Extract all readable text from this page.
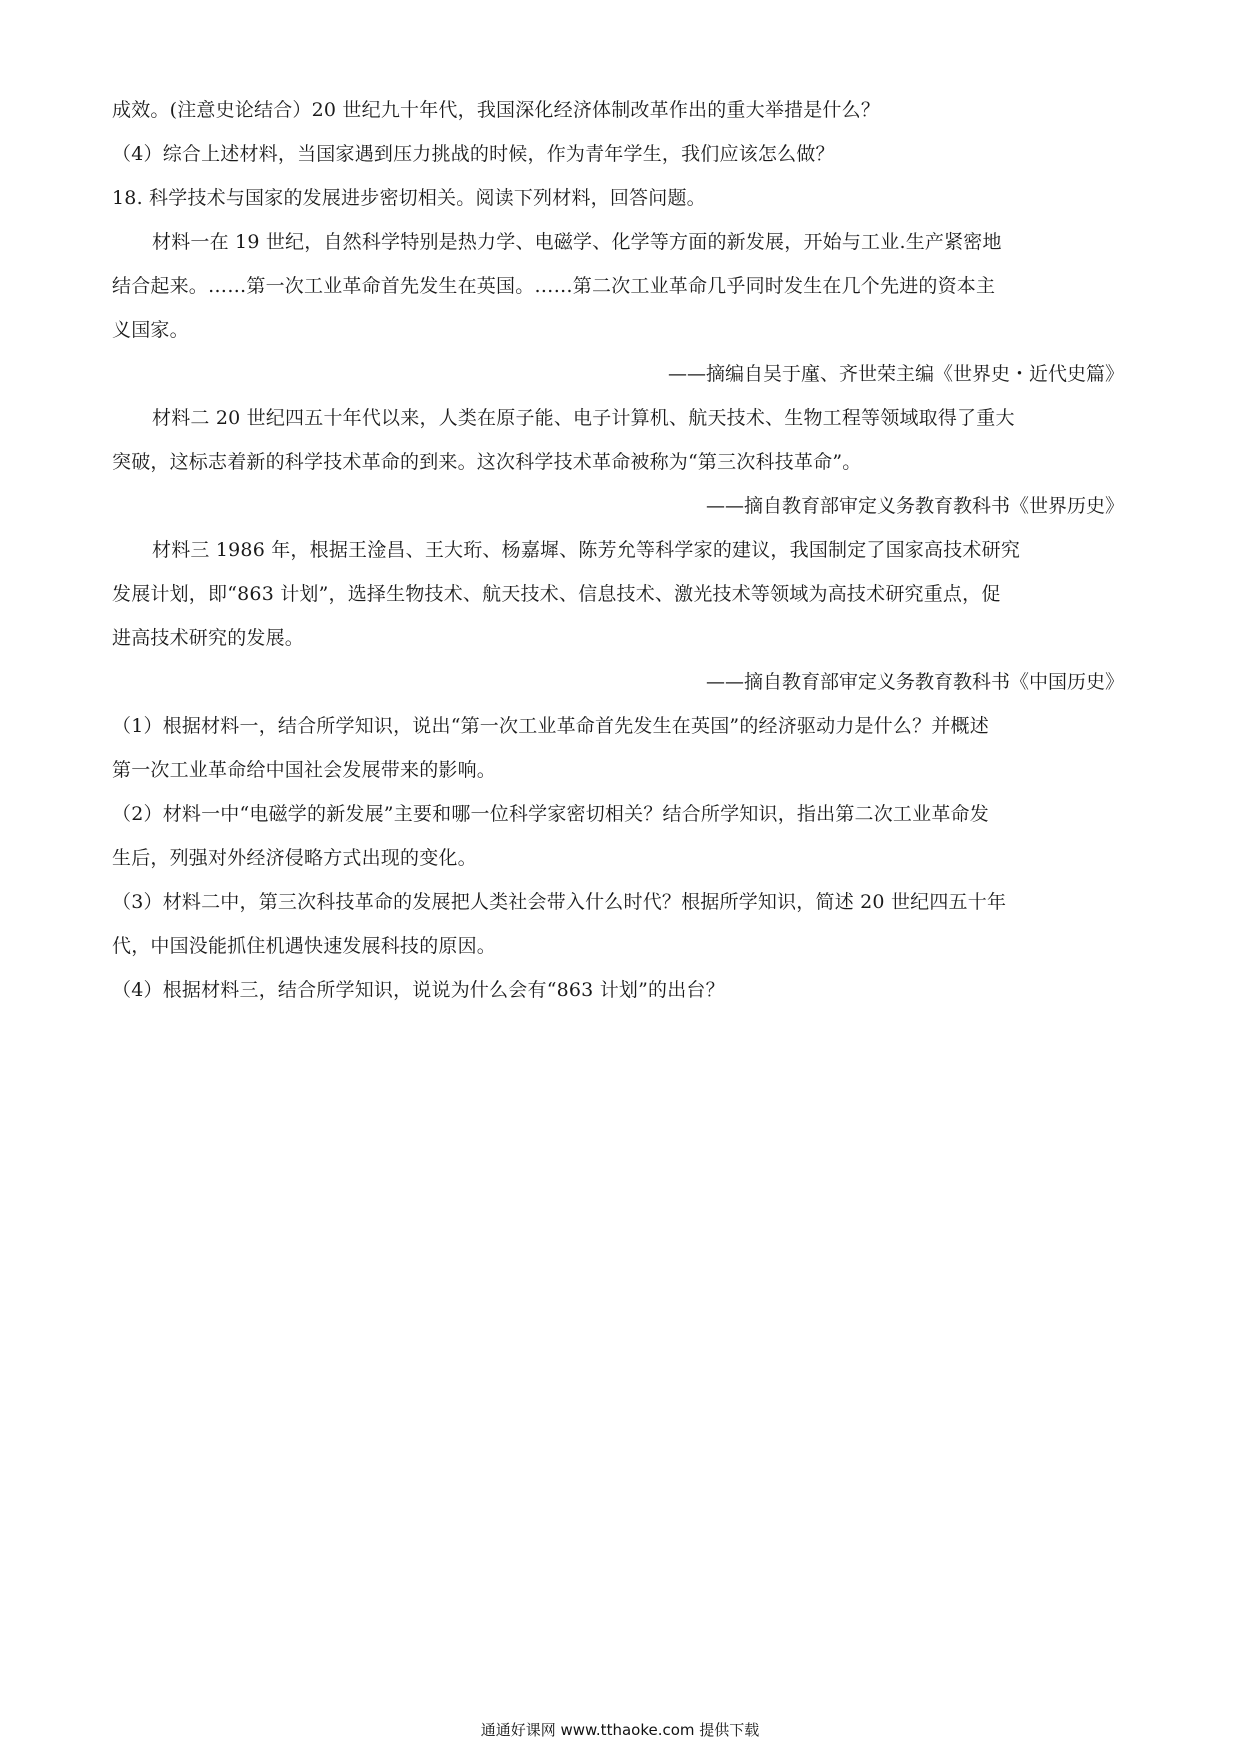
成效。(注意史论结合）20 世纪九十年代，我国深化经济体制改革作出的重大举措是什么？
（4）综合上述材料，当国家遇到压力挑战的时候，作为青年学生，我们应该怎么做？
18. 科学技术与国家的发展进步密切相关。阅读下列材料，回答问题。
材料一在 19 世纪，自然科学特别是热力学、电磁学、化学等方面的新发展，开始与工业.生产紧密地
结合起来。……第一次工业革命首先发生在英国。……第二次工业革命几乎同时发生在几个先进的资本主
义国家。
——摘编自吴于廑、齐世荣主编《世界史・近代史篇》
材料二 20 世纪四五十年代以来，人类在原子能、电子计算机、航天技术、生物工程等领域取得了重大
突破，这标志着新的科学技术革命的到来。这次科学技术革命被称为“第三次科技革命”。
——摘自教育部审定义务教育教科书《世界历史》
材料三 1986 年，根据王淦昌、王大珩、杨嘉墀、陈芳允等科学家的建议，我国制定了国家高技术研究
发展计划，即“863 计划”，选择生物技术、航天技术、信息技术、激光技术等领域为高技术研究重点，促
进高技术研究的发展。
——摘自教育部审定义务教育教科书《中国历史》
（1）根据材料一，结合所学知识，说出“第一次工业革命首先发生在英国”的经济驱动力是什么？并概述
第一次工业革命给中国社会发展带来的影响。
（2）材料一中“电磁学的新发展”主要和哪一位科学家密切相关？结合所学知识，指出第二次工业革命发
生后，列强对外经济侵略方式出现的变化。
（3）材料二中，第三次科技革命的发展把人类社会带入什么时代？根据所学知识，简述 20 世纪四五十年
代，中国没能抓住机遇快速发展科技的原因。
（4）根据材料三，结合所学知识，说说为什么会有“863 计划”的出台？
通通好课网 www.tthaoke.com 提供下载
